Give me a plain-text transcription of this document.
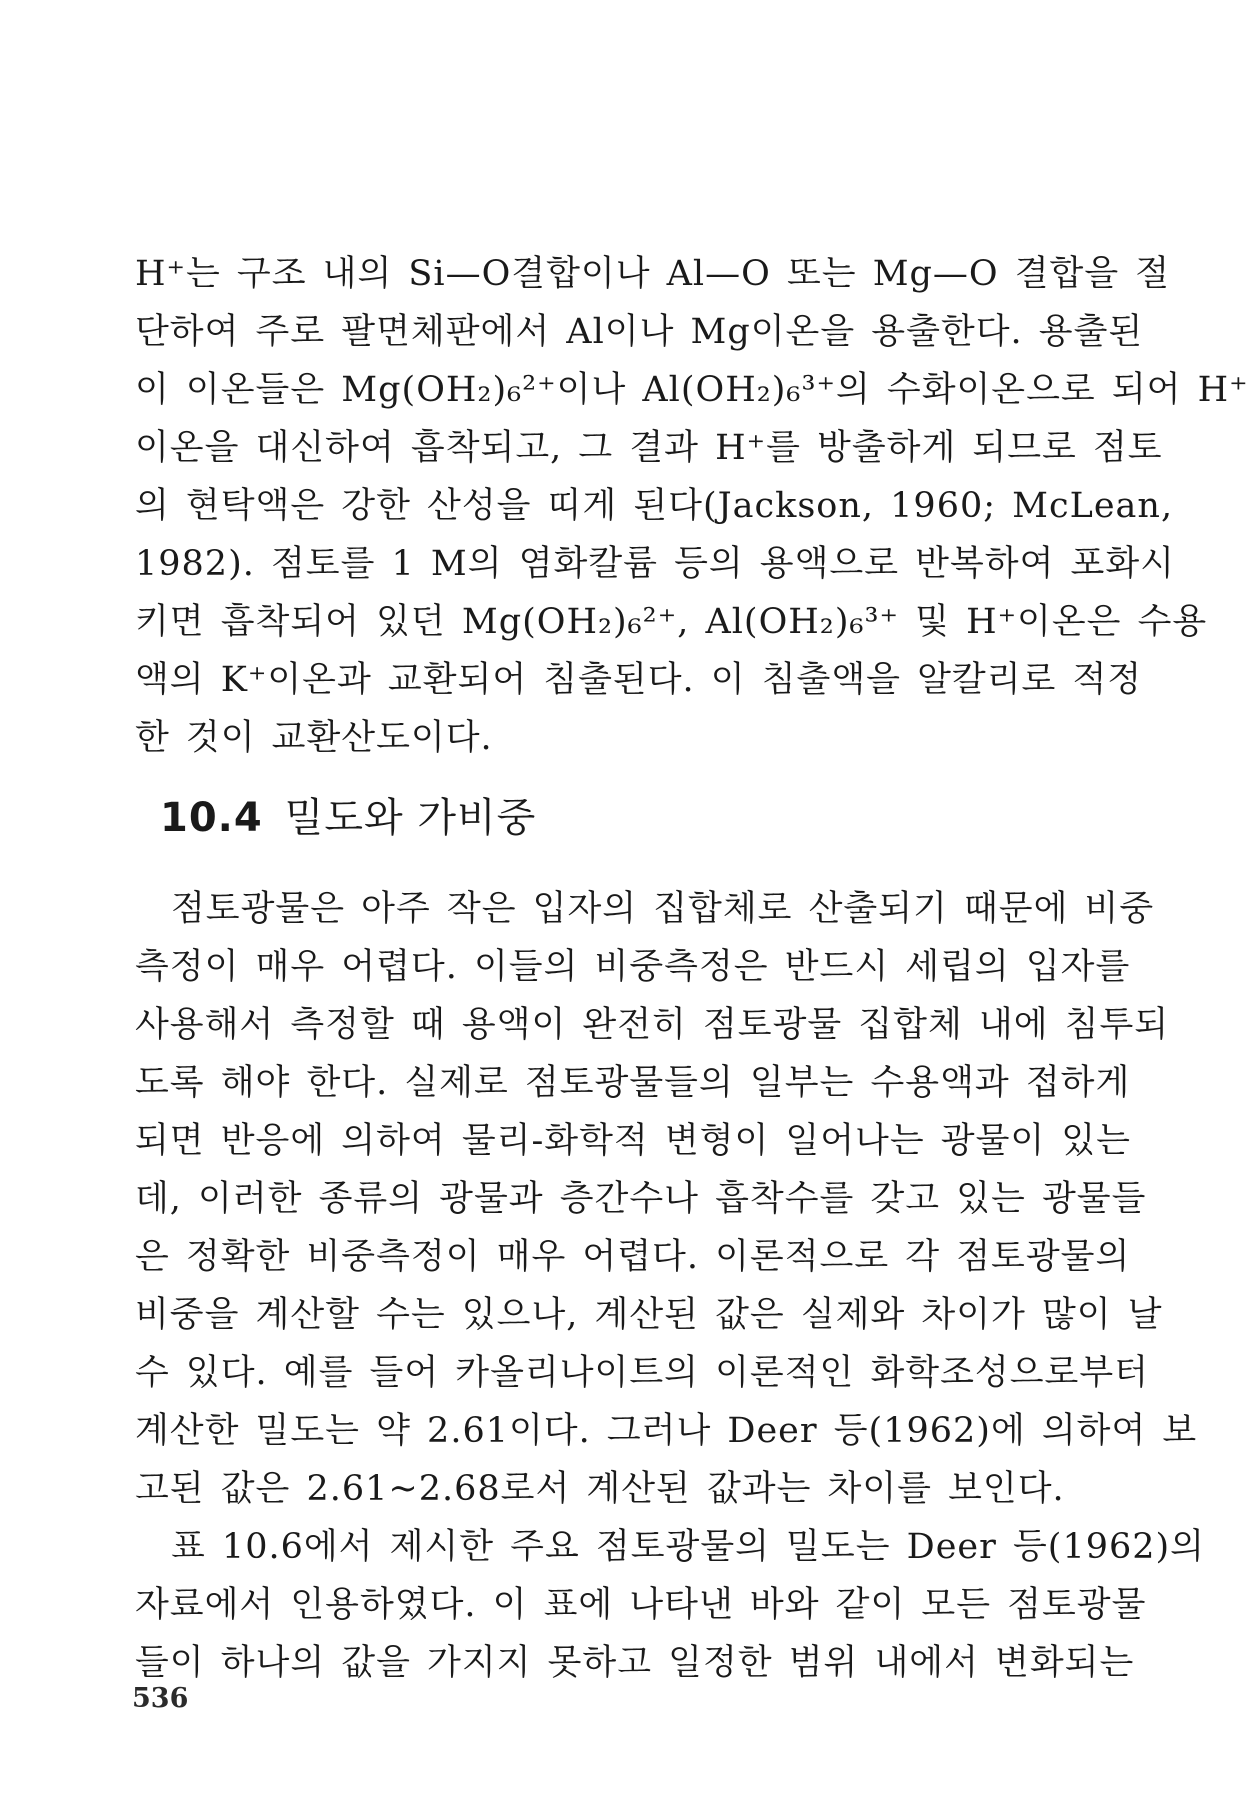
H⁺는 구조 내의 Si—O결합이나 Al—O 또는 Mg—O 결합을 절
단하여 주로 팔면체판에서 Al이나 Mg이온을 용출한다. 용출된
이 이온들은 Mg(OH₂)₆²⁺이나 Al(OH₂)₆³⁺의 수화이온으로 되어 H⁺
이온을 대신하여 흡착되고, 그 결과 H⁺를 방출하게 되므로 점토
의 현탁액은 강한 산성을 띠게 된다(Jackson, 1960; McLean,
1982). 점토를 1 M의 염화칼륨 등의 용액으로 반복하여 포화시
키면 흡착되어 있던 Mg(OH₂)₆²⁺, Al(OH₂)₆³⁺ 및 H⁺이온은 수용
액의 K⁺이온과 교환되어 침출된다. 이 침출액을 알칼리로 적정
한 것이 교환산도이다.
10.4 밀도와 가비중
점토광물은 아주 작은 입자의 집합체로 산출되기 때문에 비중
측정이 매우 어렵다. 이들의 비중측정은 반드시 세립의 입자를
사용해서 측정할 때 용액이 완전히 점토광물 집합체 내에 침투되
도록 해야 한다. 실제로 점토광물들의 일부는 수용액과 접하게
되면 반응에 의하여 물리-화학적 변형이 일어나는 광물이 있는
데, 이러한 종류의 광물과 층간수나 흡착수를 갖고 있는 광물들
은 정확한 비중측정이 매우 어렵다. 이론적으로 각 점토광물의
비중을 계산할 수는 있으나, 계산된 값은 실제와 차이가 많이 날
수 있다. 예를 들어 카올리나이트의 이론적인 화학조성으로부터
계산한 밀도는 약 2.61이다. 그러나 Deer 등(1962)에 의하여 보
고된 값은 2.61~2.68로서 계산된 값과는 차이를 보인다.
표 10.6에서 제시한 주요 점토광물의 밀도는 Deer 등(1962)의
자료에서 인용하였다. 이 표에 나타낸 바와 같이 모든 점토광물
들이 하나의 값을 가지지 못하고 일정한 범위 내에서 변화되는

536
